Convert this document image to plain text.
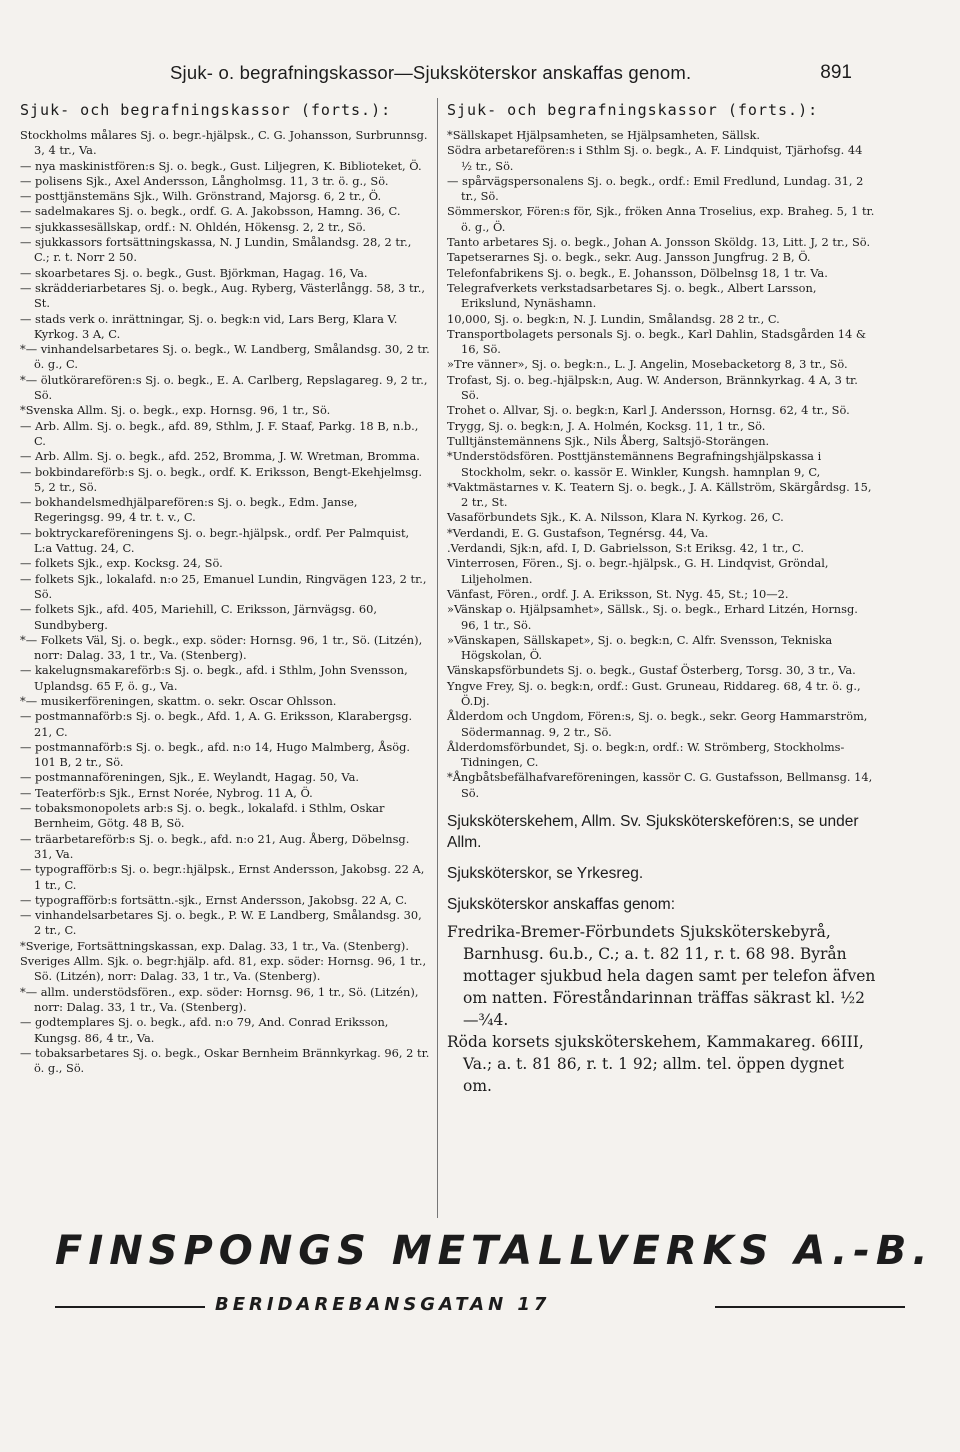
Sjuk- o. begrafningskassor—Sjuksköterskor anskaffas genom.	891
Sjuk- och begrafningskassor (forts.):

Stockholms målares Sj. o. begr.-hjälpsk., C. G. Johansson, Surbrunnsg. 3, 4 tr., Va.

— nya maskinistfören:s Sj. o. begk., Gust. Liljegren, K. Biblioteket, Ö.

— polisens Sjk., Axel Andersson, Långholmsg. 11, 3 tr. ö. g., Sö.

— posttjänstemäns Sjk., Wilh. Grönstrand, Majorsg. 6, 2 tr., Ö.

— sadelmakares Sj. o. begk., ordf. G. A. Jakobsson, Hamng. 36, C.

— sjukkassesällskap, ordf.: N. Ohldén, Hökensg. 2, 2 tr., Sö.

— sjukkassors fortsättningskassa, N. J Lundin, Smålandsg. 28, 2 tr., C.; r. t. Norr 2 50.

— skoarbetares Sj. o. begk., Gust. Björkman, Hagag. 16, Va.

— skrädderiarbetares Sj. o. begk., Aug. Ryberg, Västerlångg. 58, 3 tr., St.

— stads verk o. inrättningar, Sj. o. begk:n vid, Lars Berg, Klara V. Kyrkog. 3 A, C.

*— vinhandelsarbetares Sj. o. begk., W. Landberg, Smålandsg. 30, 2 tr. ö. g., C.

*— ölutkörarefören:s Sj. o. begk., E. A. Carlberg, Repslagareg. 9, 2 tr., Sö.

*Svenska Allm. Sj. o. begk., exp. Hornsg. 96, 1 tr., Sö.

— Arb. Allm. Sj. o. begk., afd. 89, Sthlm, J. F. Staaf, Parkg. 18 B, n.b., C.

— Arb. Allm. Sj. o. begk., afd. 252, Bromma, J. W. Wretman, Bromma.

— bokbindareförb:s Sj. o. begk., ordf. K. Eriksson, Bengt-Ekehjelmsg. 5, 2 tr., Sö.

— bokhandelsmedhjälparefören:s Sj. o. begk., Edm. Janse, Regeringsg. 99, 4 tr. t. v., C.

— boktryckareföreningens Sj. o. begr.-hjälpsk., ordf. Per Palmquist, L:a Vattug. 24, C.

— folkets Sjk., exp. Kocksg. 24, Sö.

— folkets Sjk., lokalafd. n:o 25, Emanuel Lundin, Ringvägen 123, 2 tr., Sö.

— folkets Sjk., afd. 405, Mariehill, C. Eriksson, Järnvägsg. 60, Sundbyberg.

*— Folkets Väl, Sj. o. begk., exp. söder: Hornsg. 96, 1 tr., Sö. (Litzén), norr: Dalag. 33, 1 tr., Va. (Stenberg).

— kakelugnsmakareförb:s Sj. o. begk., afd. i Sthlm, John Svensson, Uplandsg. 65 F, ö. g., Va.

*— musikerföreningen, skattm. o. sekr. Oscar Ohlsson.

— postmannaförb:s Sj. o. begk., Afd. 1, A. G. Eriksson, Klarabergsg. 21, C.

— postmannaförb:s Sj. o. begk., afd. n:o 14, Hugo Malmberg, Åsög. 101 B, 2 tr., Sö.

— postmannaföreningen, Sjk., E. Weylandt, Hagag. 50, Va.

— Teaterförb:s Sjk., Ernst Norée, Nybrog. 11 A, Ö.

— tobaksmonopolets arb:s Sj. o. begk., lokalafd. i Sthlm, Oskar Bernheim, Götg. 48 B, Sö.

— träarbetareförb:s Sj. o. begk., afd. n:o 21, Aug. Åberg, Döbelnsg. 31, Va.

— typografförb:s Sj. o. begr.:hjälpsk., Ernst Andersson, Jakobsg. 22 A, 1 tr., C.

— typografförb:s fortsättn.-sjk., Ernst Andersson, Jakobsg. 22 A, C.

— vinhandelsarbetares Sj. o. begk., P. W. E Landberg, Smålandsg. 30, 2 tr., C.

*Sverige, Fortsättningskassan, exp. Dalag. 33, 1 tr., Va. (Stenberg).

Sveriges Allm. Sjk. o. begr:hjälp. afd. 81, exp. söder: Hornsg. 96, 1 tr., Sö. (Litzén), norr: Dalag. 33, 1 tr., Va. (Stenberg).

*— allm. understödsfören., exp. söder: Hornsg. 96, 1 tr., Sö. (Litzén), norr: Dalag. 33, 1 tr., Va. (Stenberg).

— godtemplares Sj. o. begk., afd. n:o 79, And. Conrad Eriksson, Kungsg. 86, 4 tr., Va.

— tobaksarbetares Sj. o. begk., Oskar Bernheim Brännkyrkag. 96, 2 tr. ö. g., Sö.

Sjuk- och begrafningskassor (forts.):

*Sällskapet Hjälpsamheten, se Hjälpsamheten, Sällsk.

Södra arbetarefören:s i Sthlm Sj. o. begk., A. F. Lindquist, Tjärhofsg. 44 ½ tr., Sö.

— spårvägspersonalens Sj. o. begk., ordf.: Emil Fredlund, Lundag. 31, 2 tr., Sö.

Sömmerskor, Fören:s för, Sjk., fröken Anna Troselius, exp. Braheg. 5, 1 tr. ö. g., Ö.

Tanto arbetares Sj. o. begk., Johan A. Jonsson Sköldg. 13, Litt. J, 2 tr., Sö.

Tapetserarnes Sj. o. begk., sekr. Aug. Jansson Jungfrug. 2 B, Ö.

Telefonfabrikens Sj. o. begk., E. Johansson, Dölbelnsg 18, 1 tr. Va.

Telegrafverkets verkstadsarbetares Sj. o. begk., Albert Larsson, Erikslund, Nynäshamn.

10,000, Sj. o. begk:n, N. J. Lundin, Smålandsg. 28 2 tr., C.

Transportbolagets personals Sj. o. begk., Karl Dahlin, Stadsgården 14 & 16, Sö.

»Tre vänner», Sj. o. begk:n., L. J. Angelin, Mosebacketorg 8, 3 tr., Sö.

Trofast, Sj. o. beg.-hjälpsk:n, Aug. W. Anderson, Brännkyrkag. 4 A, 3 tr. Sö.

Trohet o. Allvar, Sj. o. begk:n, Karl J. Andersson, Hornsg. 62, 4 tr., Sö.

Trygg, Sj. o. begk:n, J. A. Holmén, Kocksg. 11, 1 tr., Sö.

Tulltjänstemännens Sjk., Nils Åberg, Saltsjö-Storängen.

*Understödsfören. Posttjänstemännens Begrafningshjälpskassa i Stockholm, sekr. o. kassör E. Winkler, Kungsh. hamnplan 9, C,

*Vaktmästarnes v. K. Teatern Sj. o. begk., J. A. Källström, Skärgårdsg. 15, 2 tr., St.

Vasaförbundets Sjk., K. A. Nilsson, Klara N. Kyrkog. 26, C.

*Verdandi, E. G. Gustafson, Tegnérsg. 44, Va.

.Verdandi, Sjk:n, afd. I, D. Gabrielsson, S:t Eriksg. 42, 1 tr., C.

Vinterrosen, Fören., Sj. o. begr.-hjälpsk., G. H. Lindqvist, Gröndal, Liljeholmen.

Vänfast, Fören., ordf. J. A. Eriksson, St. Nyg. 45, St.; 10—2.

»Vänskap o. Hjälpsamhet», Sällsk., Sj. o. begk., Erhard Litzén, Hornsg. 96, 1 tr., Sö.

»Vänskapen, Sällskapet», Sj. o. begk:n, C. Alfr. Svensson, Tekniska Högskolan, Ö.

Vänskapsförbundets Sj. o. begk., Gustaf Österberg, Torsg. 30, 3 tr., Va.

Yngve Frey, Sj. o. begk:n, ordf.: Gust. Gruneau, Riddareg. 68, 4 tr. ö. g., Ö.Dj.

Ålderdom och Ungdom, Fören:s, Sj. o. begk., sekr. Georg Hammarström, Södermannag. 9, 2 tr., Sö.

Ålderdomsförbundet, Sj. o. begk:n, ordf.: W. Strömberg, Stockholms-Tidningen, C.

*Ångbåtsbefälhafvareföreningen, kassör C. G. Gustafsson, Bellmansg. 14, Sö.

Sjuksköterskehem, Allm. Sv. Sjuksköterskefören:s, se under Allm.
Sjuksköterskor, se Yrkesreg.
Sjuksköterskor anskaffas genom:
Fredrika-Bremer-Förbundets Sjuksköterskebyrå, Barnhusg. 6u.b., C.; a. t. 82 11, r. t. 68 98. Byrån mottager sjukbud hela dagen samt per telefon äfven om natten. Föreståndarinnan träffas säkrast kl. ½2—¾4.
Röda korsets sjuksköterskehem, Kammakareg. 66III, Va.; a. t. 81 86, r. t. 1 92; allm. tel. öppen dygnet om.
FINSPONGS METALLVERKS A.-B.
BERIDAREBANSGATAN 17
